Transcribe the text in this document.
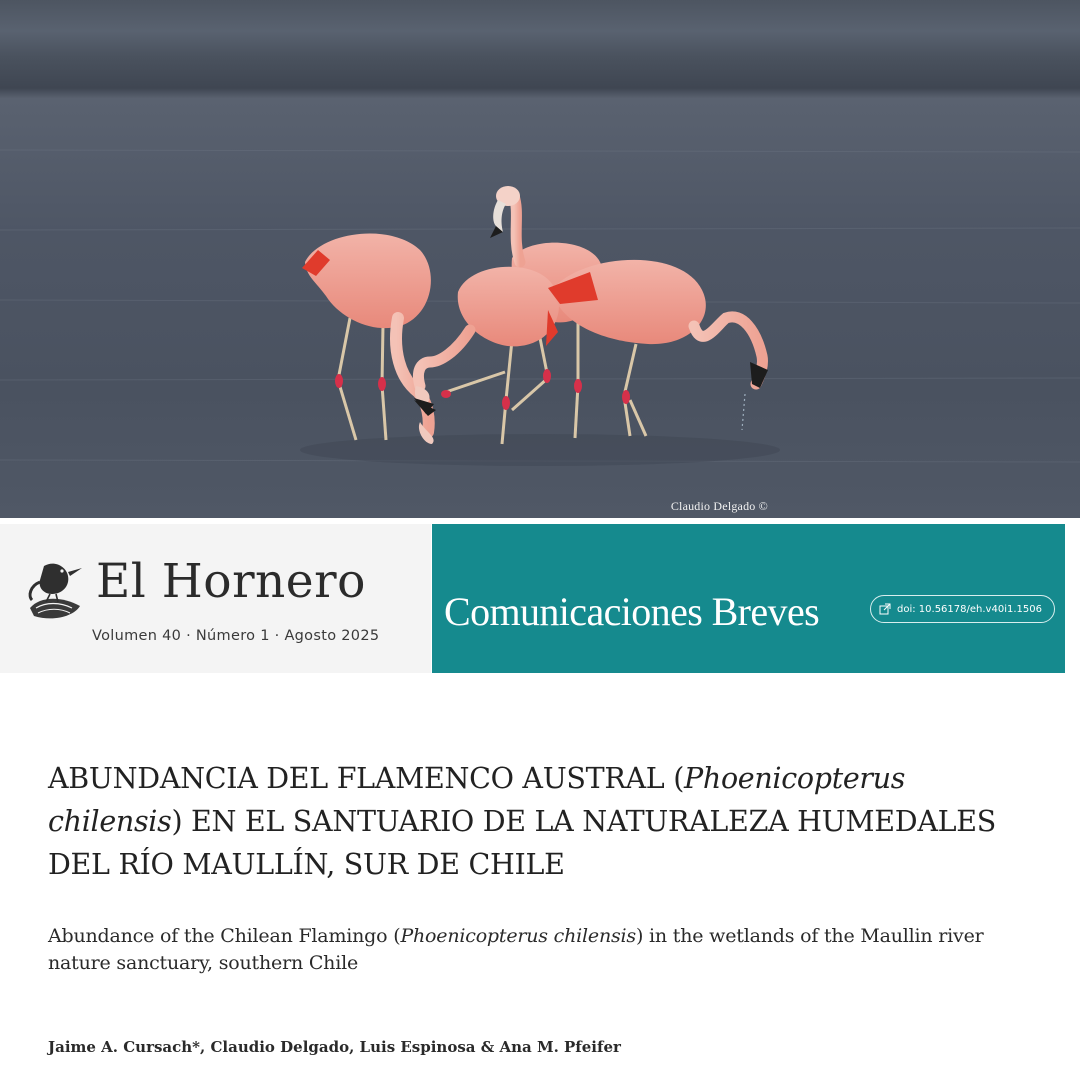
Claudio Delgado ©
El Hornero
Volumen 40 · Número 1 · Agosto 2025
Comunicaciones Breves	doi: 10.56178/eh.v40i1.1506
ABUNDANCIA DEL FLAMENCO AUSTRAL (Phoenicopterus chilensis) EN EL SANTUARIO DE LA NATURALEZA HUMEDALES DEL RÍO MAULLÍN, SUR DE CHILE

Abundance of the Chilean Flamingo (Phoenicopterus chilensis) in the wetlands of the Maullin river nature sanctuary, southern Chile

Jaime A. Cursach*, Claudio Delgado, Luis Espinosa & Ana M. Pfeifer
